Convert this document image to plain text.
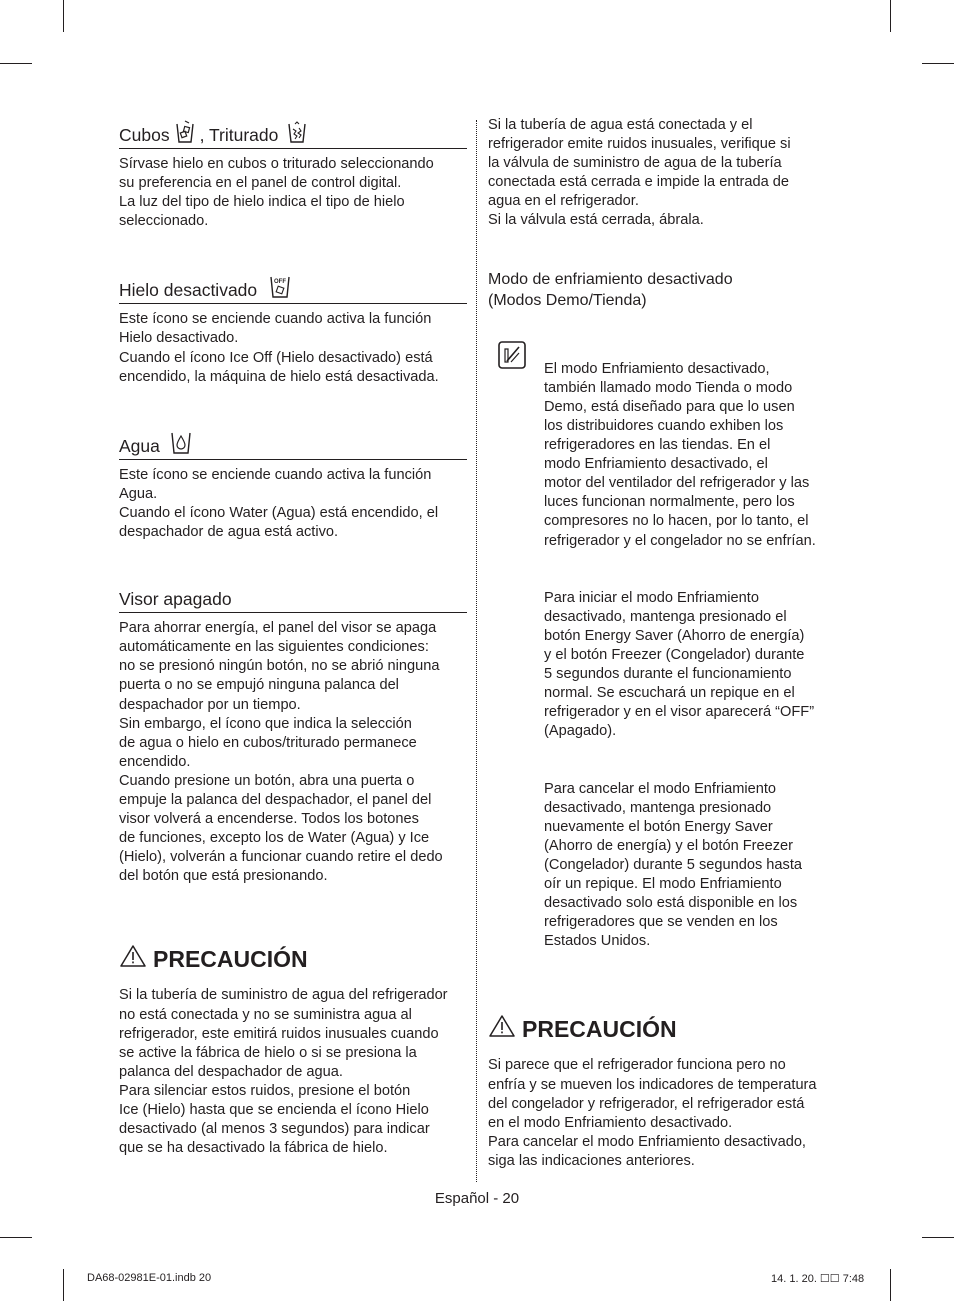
Cubos , Triturado

Sírvase hielo en cubos o triturado seleccionando
su preferencia en el panel de control digital.
La luz del tipo de hielo indica el tipo de hielo
seleccionado.

Hielo desactivado	OFF

Este ícono se enciende cuando activa la función
Hielo desactivado.
Cuando el ícono Ice Off (Hielo desactivado) está
encendido, la máquina de hielo está desactivada.

Agua

Este ícono se enciende cuando activa la función
Agua.
Cuando el ícono Water (Agua) está encendido, el
despachador de agua está activo.

Visor apagado

Para ahorrar energía, el panel del visor se apaga
automáticamente en las siguientes condiciones:
no se presionó ningún botón, no se abrió ninguna
puerta o no se empujó ninguna palanca del
despachador por un tiempo.
Sin embargo, el ícono que indica la selección
de agua o hielo en cubos/triturado permanece
encendido.
Cuando presione un botón, abra una puerta o
empuje la palanca del despachador, el panel del
visor volverá a encenderse. Todos los botones
de funciones, excepto los de Water (Agua) y Ice
(Hielo), volverán a funcionar cuando retire el dedo
del botón que está presionando.

PRECAUCIÓN

Si la tubería de suministro de agua del refrigerador
no está conectada y no se suministra agua al
refrigerador, este emitirá ruidos inusuales cuando
se active la fábrica de hielo o si se presiona la
palanca del despachador de agua.
Para silenciar estos ruidos, presione el botón
Ice (Hielo) hasta que se encienda el ícono Hielo
desactivado (al menos 3 segundos) para indicar
que se ha desactivado la fábrica de hielo.

Si la tubería de agua está conectada y el
refrigerador emite ruidos inusuales, verifique si
la válvula de suministro de agua de la tubería
conectada está cerrada e impide la entrada de
agua en el refrigerador.
Si la válvula está cerrada, ábrala.

Modo de enfriamiento desactivado
(Modos Demo/Tienda)

El modo Enfriamiento desactivado,
también llamado modo Tienda o modo
Demo, está diseñado para que lo usen
los distribuidores cuando exhiben los
refrigeradores en las tiendas. En el
modo Enfriamiento desactivado, el
motor del ventilador del refrigerador y las
luces funcionan normalmente, pero los
compresores no lo hacen, por lo tanto, el
refrigerador y el congelador no se enfrían.

Para iniciar el modo Enfriamiento
desactivado, mantenga presionado el
botón Energy Saver (Ahorro de energía)
y el botón Freezer (Congelador) durante
5 segundos durante el funcionamiento
normal. Se escuchará un repique en el
refrigerador y en el visor aparecerá “OFF”
(Apagado).

Para cancelar el modo Enfriamiento
desactivado, mantenga presionado
nuevamente el botón Energy Saver
(Ahorro de energía) y el botón Freezer
(Congelador) durante 5 segundos hasta
oír un repique. El modo Enfriamiento
desactivado solo está disponible en los
refrigeradores que se venden en los
Estados Unidos.

PRECAUCIÓN

Si parece que el refrigerador funciona pero no
enfría y se mueven los indicadores de temperatura
del congelador y refrigerador, el refrigerador está
en el modo Enfriamiento desactivado.
Para cancelar el modo Enfriamiento desactivado,
siga las indicaciones anteriores.

Español - 20
DA68-02981E-01.indb 20	14. 1. 20. ☐☐ 7:48
